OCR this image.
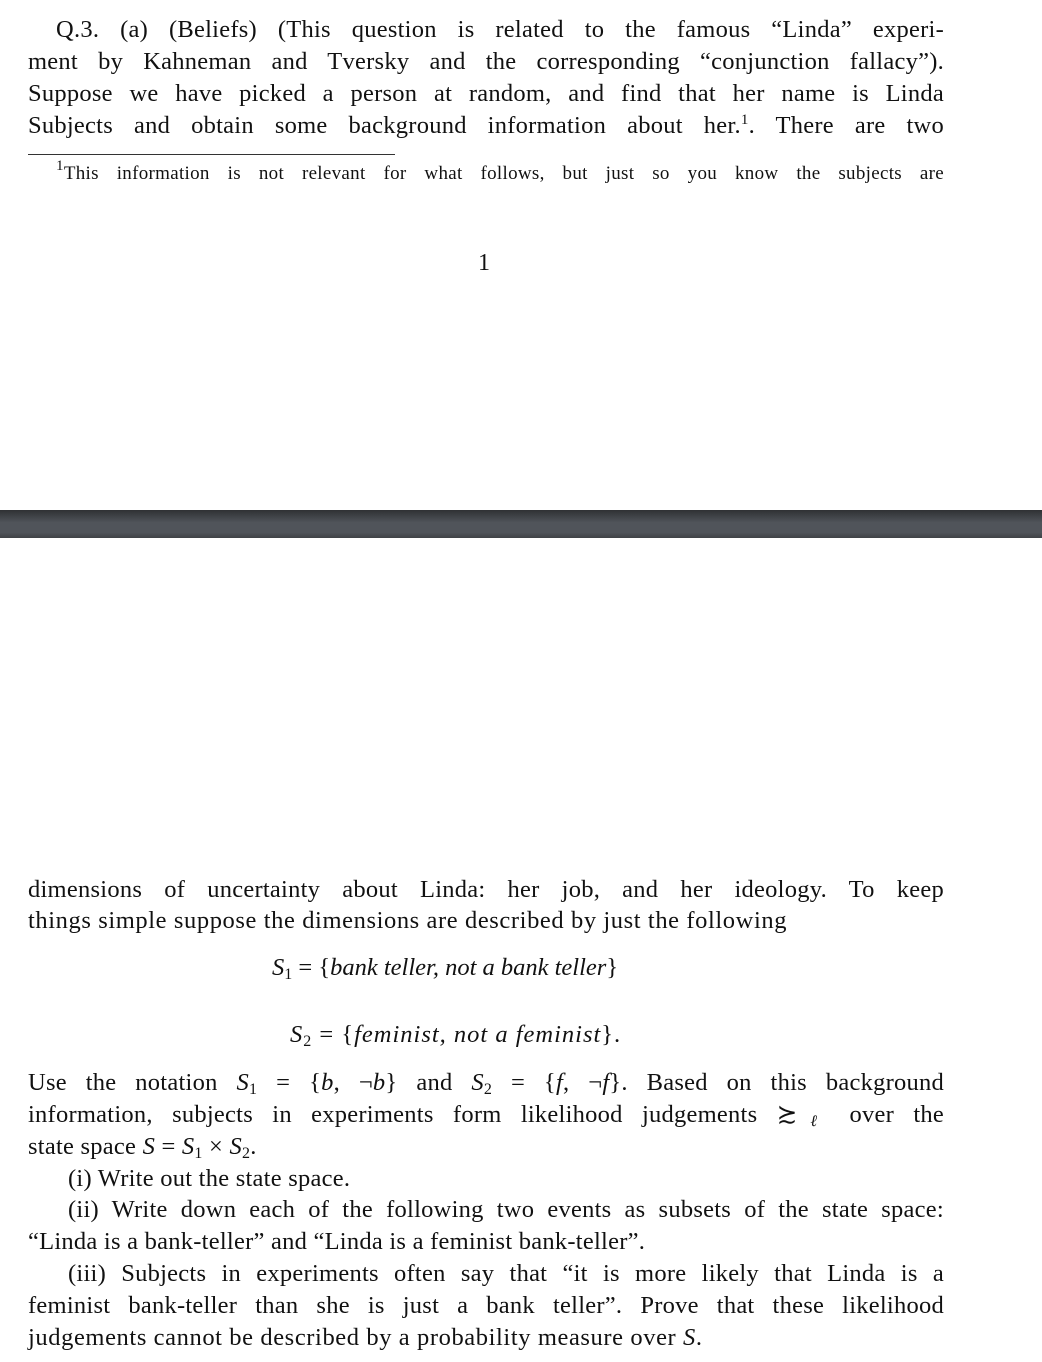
Q.3. (a) (Beliefs) (This question is related to the famous “Linda” experi-
ment by Kahneman and Tversky and the corresponding “conjunction fallacy”).
Suppose we have picked a person at random, and find that her name is Linda
Subjects and obtain some background information about her.$^1$. There are two
$^1$This information is not relevant for what follows, but just so you know the subjects are
1
dimensions of uncertainty about Linda: her job, and her ideology. To keep
things simple suppose the dimensions are described by just the following
$S_1$ = {bank teller, not a bank teller}
$S_2$ = {feminist, not a feminist}.
Use the notation $S_1 = \{b$, ¬b} and $S_2 = \{f$, ¬f}. Based on this background
information, subjects in experiments form likelihood judgements $≿_\ell$ over the
state space $S = S_1 \times S_2$.
(i) Write out the state space.
(ii) Write down each of the following two events as subsets of the state space:
“Linda is a bank-teller” and “Linda is a feminist bank-teller”.
(iii) Subjects in experiments often say that “it is more likely that Linda is a
feminist bank-teller than she is just a bank teller”. Prove that these likelihood
judgements cannot be described by a probability measure over S.
